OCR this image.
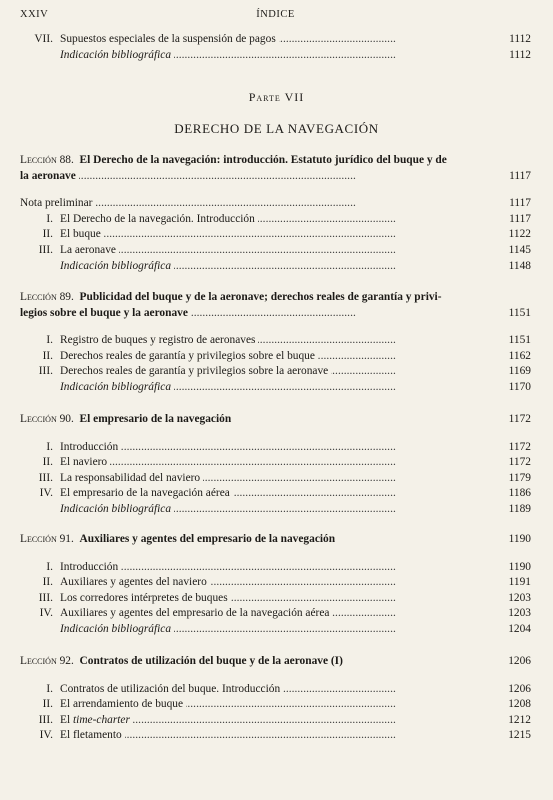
XXIV	ÍNDICE
VII. Supuestos especiales de la suspensión de pagos . . .	1112
Indicación bibliográfica . . .	1112
Parte VII
DERECHO DE LA NAVEGACIÓN
Lección 88. El Derecho de la navegación: introducción. Estatuto jurídico del buque y de
la aeronave . . .	1117
Nota preliminar . . .	1117
I. El Derecho de la navegación. Introducción . . .	1117
II. El buque . . .	1122
III. La aeronave . . .	1145
Indicación bibliográfica . . .	1148
Lección 89. Publicidad del buque y de la aeronave; derechos reales de garantía y privi-
legios sobre el buque y la aeronave . . .	1151
I. Registro de buques y registro de aeronaves . . .	1151
II. Derechos reales de garantía y privilegios sobre el buque . . .	1162
III. Derechos reales de garantía y privilegios sobre la aeronave . . .	1169
Indicación bibliográfica . . .	1170
Lección 90. El empresario de la navegación	1172
I. Introducción . . .	1172
II. El naviero . . .	1172
III. La responsabilidad del naviero . . .	1179
IV. El empresario de la navegación aérea . . .	1186
Indicación bibliográfica . . .	1189
Lección 91. Auxiliares y agentes del empresario de la navegación	1190
I. Introducción . . .	1190
II. Auxiliares y agentes del naviero . . .	1191
III. Los corredores intérpretes de buques . . .	1203
IV. Auxiliares y agentes del empresario de la navegación aérea . . .	1203
Indicación bibliográfica . . .	1204
Lección 92. Contratos de utilización del buque y de la aeronave (I)	1206
I. Contratos de utilización del buque. Introducción . . .	1206
II. El arrendamiento de buque . . .	1208
III. El time-charter . . .	1212
IV. El fletamento . . .	1215
